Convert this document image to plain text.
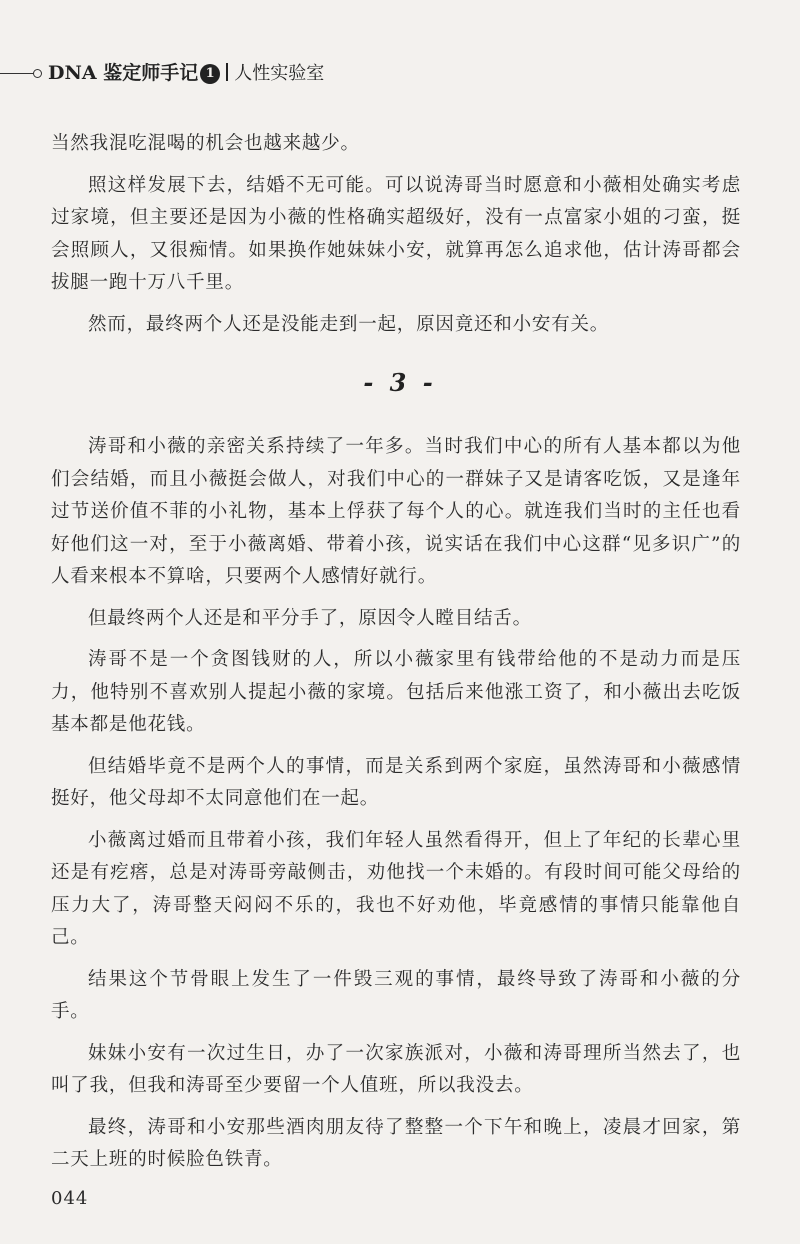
DNA 鉴定师手记 1 人性实验室

当然我混吃混喝的机会也越来越少。

照这样发展下去，结婚不无可能。可以说涛哥当时愿意和小薇相处确实考虑过家境，但主要还是因为小薇的性格确实超级好，没有一点富家小姐的刁蛮，挺会照顾人，又很痴情。如果换作她妹妹小安，就算再怎么追求他，估计涛哥都会拔腿一跑十万八千里。

然而，最终两个人还是没能走到一起，原因竟还和小安有关。

- 3 -

涛哥和小薇的亲密关系持续了一年多。当时我们中心的所有人基本都以为他们会结婚，而且小薇挺会做人，对我们中心的一群妹子又是请客吃饭，又是逢年过节送价值不菲的小礼物，基本上俘获了每个人的心。就连我们当时的主任也看好他们这一对，至于小薇离婚、带着小孩，说实话在我们中心这群“见多识广”的人看来根本不算啥，只要两个人感情好就行。

但最终两个人还是和平分手了，原因令人瞠目结舌。

涛哥不是一个贪图钱财的人，所以小薇家里有钱带给他的不是动力而是压力，他特别不喜欢别人提起小薇的家境。包括后来他涨工资了，和小薇出去吃饭基本都是他花钱。

但结婚毕竟不是两个人的事情，而是关系到两个家庭，虽然涛哥和小薇感情挺好，他父母却不太同意他们在一起。

小薇离过婚而且带着小孩，我们年轻人虽然看得开，但上了年纪的长辈心里还是有疙瘩，总是对涛哥旁敲侧击，劝他找一个未婚的。有段时间可能父母给的压力大了，涛哥整天闷闷不乐的，我也不好劝他，毕竟感情的事情只能靠他自己。

结果这个节骨眼上发生了一件毁三观的事情，最终导致了涛哥和小薇的分手。

妹妹小安有一次过生日，办了一次家族派对，小薇和涛哥理所当然去了，也叫了我，但我和涛哥至少要留一个人值班，所以我没去。

最终，涛哥和小安那些酒肉朋友待了整整一个下午和晚上，凌晨才回家，第二天上班的时候脸色铁青。

044
